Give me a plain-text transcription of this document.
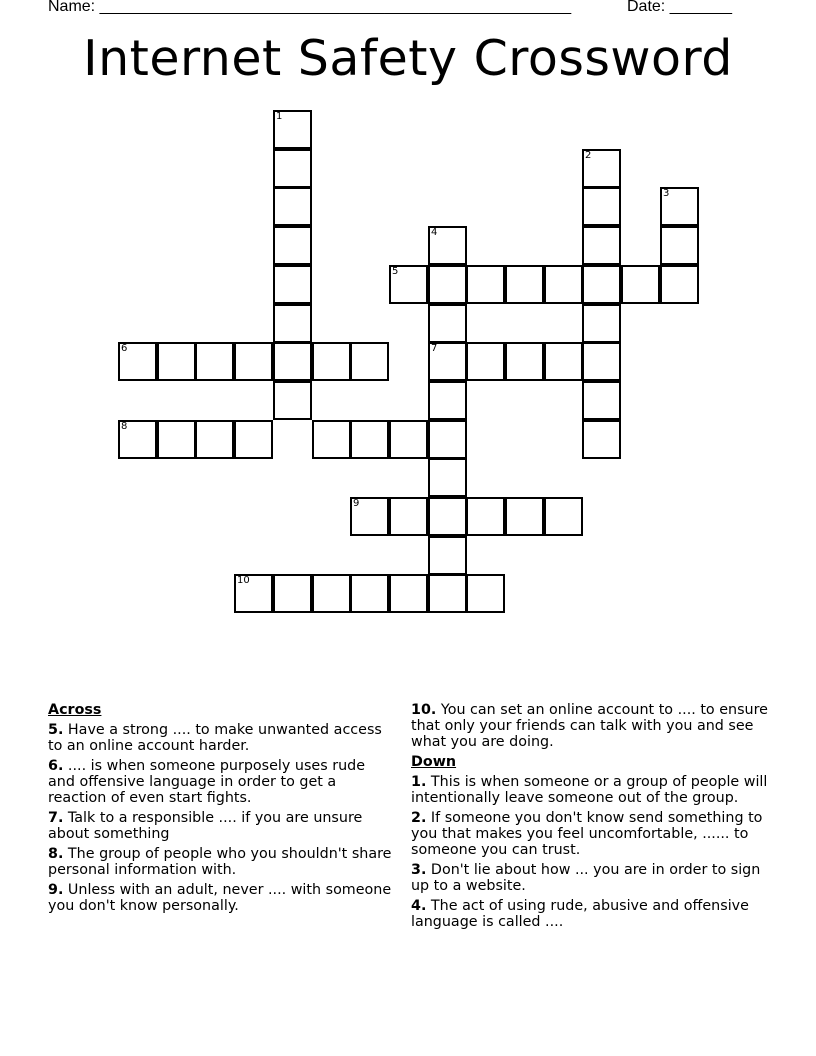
Name: _____________________________________________________	Date: _______
Internet Safety Crossword
1
2
3
4
5
6	7
8
9
10
Across
5. Have a strong .... to make unwanted access to an online account harder.
6. .... is when someone purposely uses rude and offensive language in order to get a reaction of even start fights.
7. Talk to a responsible .... if you are unsure about something
8. The group of people who you shouldn't share personal information with.
9. Unless with an adult, never .... with someone you don't know personally.
10. You can set an online account to .... to ensure that only your friends can talk with you and see what you are doing.
Down
1. This is when someone or a group of people will intentionally leave someone out of the group.
2. If someone you don't know send something to you that makes you feel uncomfortable, ...... to someone you can trust.
3. Don't lie about how ... you are in order to sign up to a website.
4. The act of using rude, abusive and offensive language is called ....
